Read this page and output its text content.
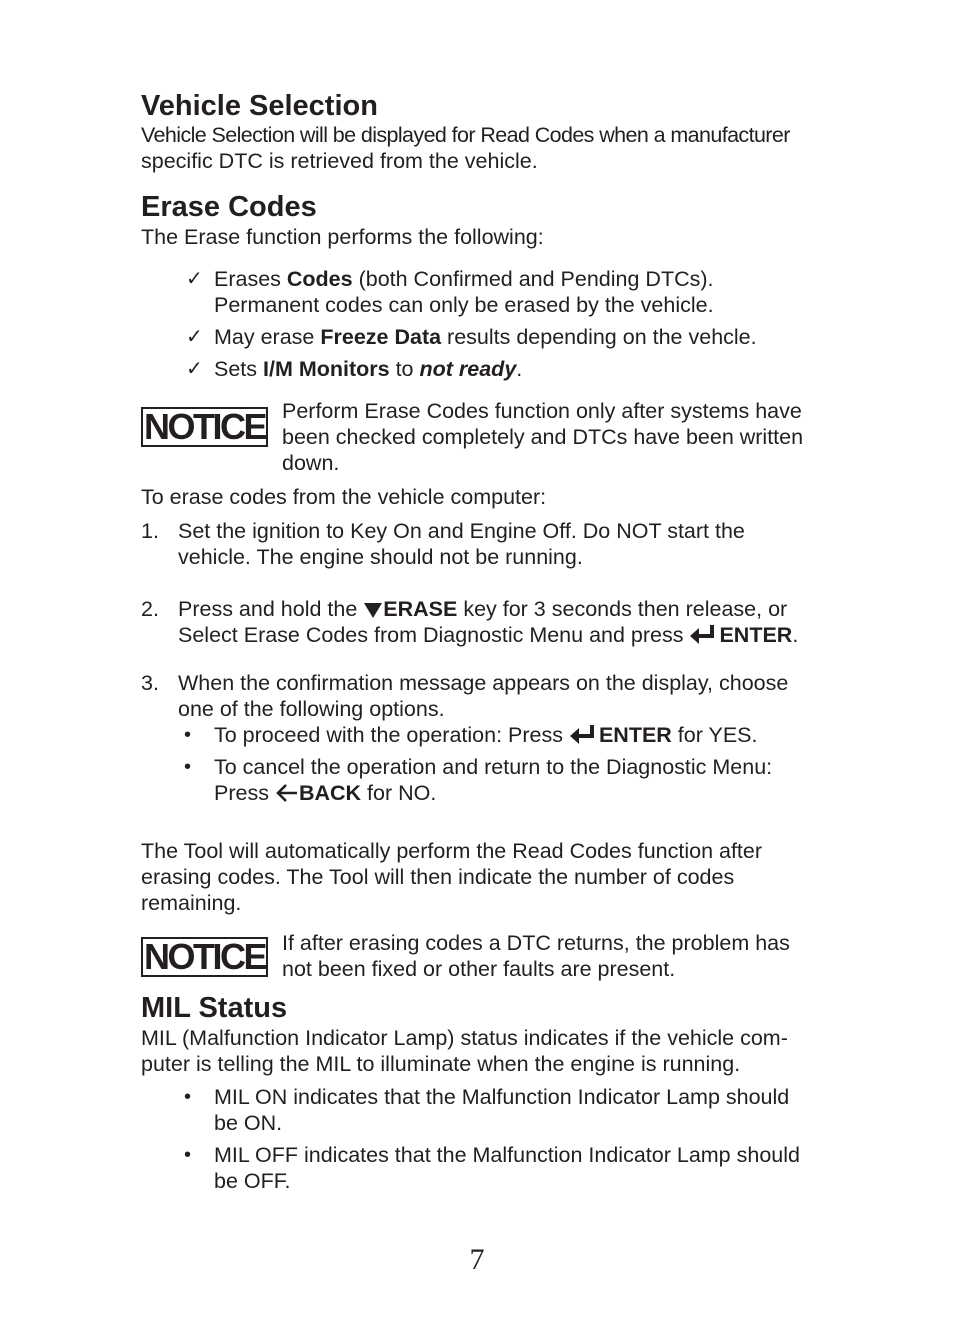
Vehicle Selection
Vehicle Selection will be displayed for Read Codes when a manufacturer
specific DTC is retrieved from the vehicle.
Erase Codes
The Erase function performs the following:
✓ Erases Codes (both Confirmed and Pending DTCs).
Permanent codes can only be erased by the vehicle.
✓ May erase Freeze Data results depending on the vehcle.
✓ Sets I/M Monitors to not ready.
NOTICE Perform Erase Codes function only after systems have
been checked completely and DTCs have been written
down.
To erase codes from the vehicle computer:
1. Set the ignition to Key On and Engine Off. Do NOT start the
vehicle. The engine should not be running.
2. Press and hold the ERASE key for 3 seconds then release, or
Select Erase Codes from Diagnostic Menu and press ENTER.
3. When the confirmation message appears on the display, choose
one of the following options.
• To proceed with the operation: Press ENTER for YES.
• To cancel the operation and return to the Diagnostic Menu:
Press BACK for NO.
The Tool will automatically perform the Read Codes function after
erasing codes. The Tool will then indicate the number of codes
remaining.
NOTICE If after erasing codes a DTC returns, the problem has
not been fixed or other faults are present.
MIL Status
MIL (Malfunction Indicator Lamp) status indicates if the vehicle com-
puter is telling the MIL to illuminate when the engine is running.
• MIL ON indicates that the Malfunction Indicator Lamp should
be ON.
• MIL OFF indicates that the Malfunction Indicator Lamp should
be OFF.
7
